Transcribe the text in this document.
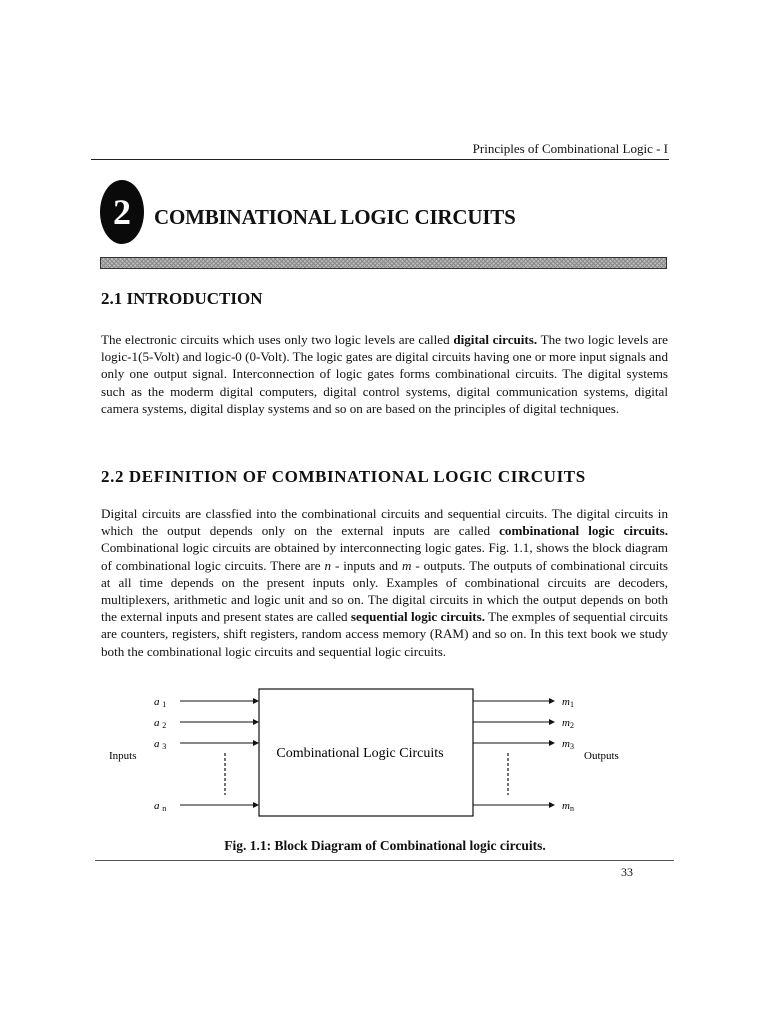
Principles of Combinational Logic - I
2	COMBINATIONAL LOGIC CIRCUITS
2.1 INTRODUCTION
The electronic circuits which uses only two logic levels are called digital circuits. The two logic levels are logic-1(5-Volt) and logic-0 (0-Volt). The logic gates are digital circuits having one or more input signals and only one output signal. Interconnection of logic gates forms combinational circuits. The digital systems such as the moderm digital computers, digital control systems, digital communication systems, digital camera systems, digital display systems and so on are based on the principles of digital techniques.
2.2 DEFINITION OF COMBINATIONAL LOGIC CIRCUITS
Digital circuits are classfied into the combinational circuits and sequential circuits. The digital circuits in which the output depends only on the external inputs are called combinational logic circuits. Combinational logic circuits are obtained by interconnecting logic gates. Fig. 1.1, shows the block diagram of combinational logic circuits. There are n - inputs and m - outputs. The outputs of combinational circuits at all time depends on the present inputs only. Examples of combinational circuits are decoders, multiplexers, arithmetic and logic unit and so on. The digital circuits in which the output depends on both the external inputs and present states are called sequential logic circuits. The exmples of sequential circuits are counters, registers, shift registers, random access memory (RAM) and so on. In this text book we study both the combinational logic circuits and sequential logic circuits.
Combinational Logic Circuits
Inputs	Outputs
a 1
a 2
a 3
a n
m1
m2
m3
mn
Fig. 1.1: Block Diagram of Combinational logic circuits.
33
